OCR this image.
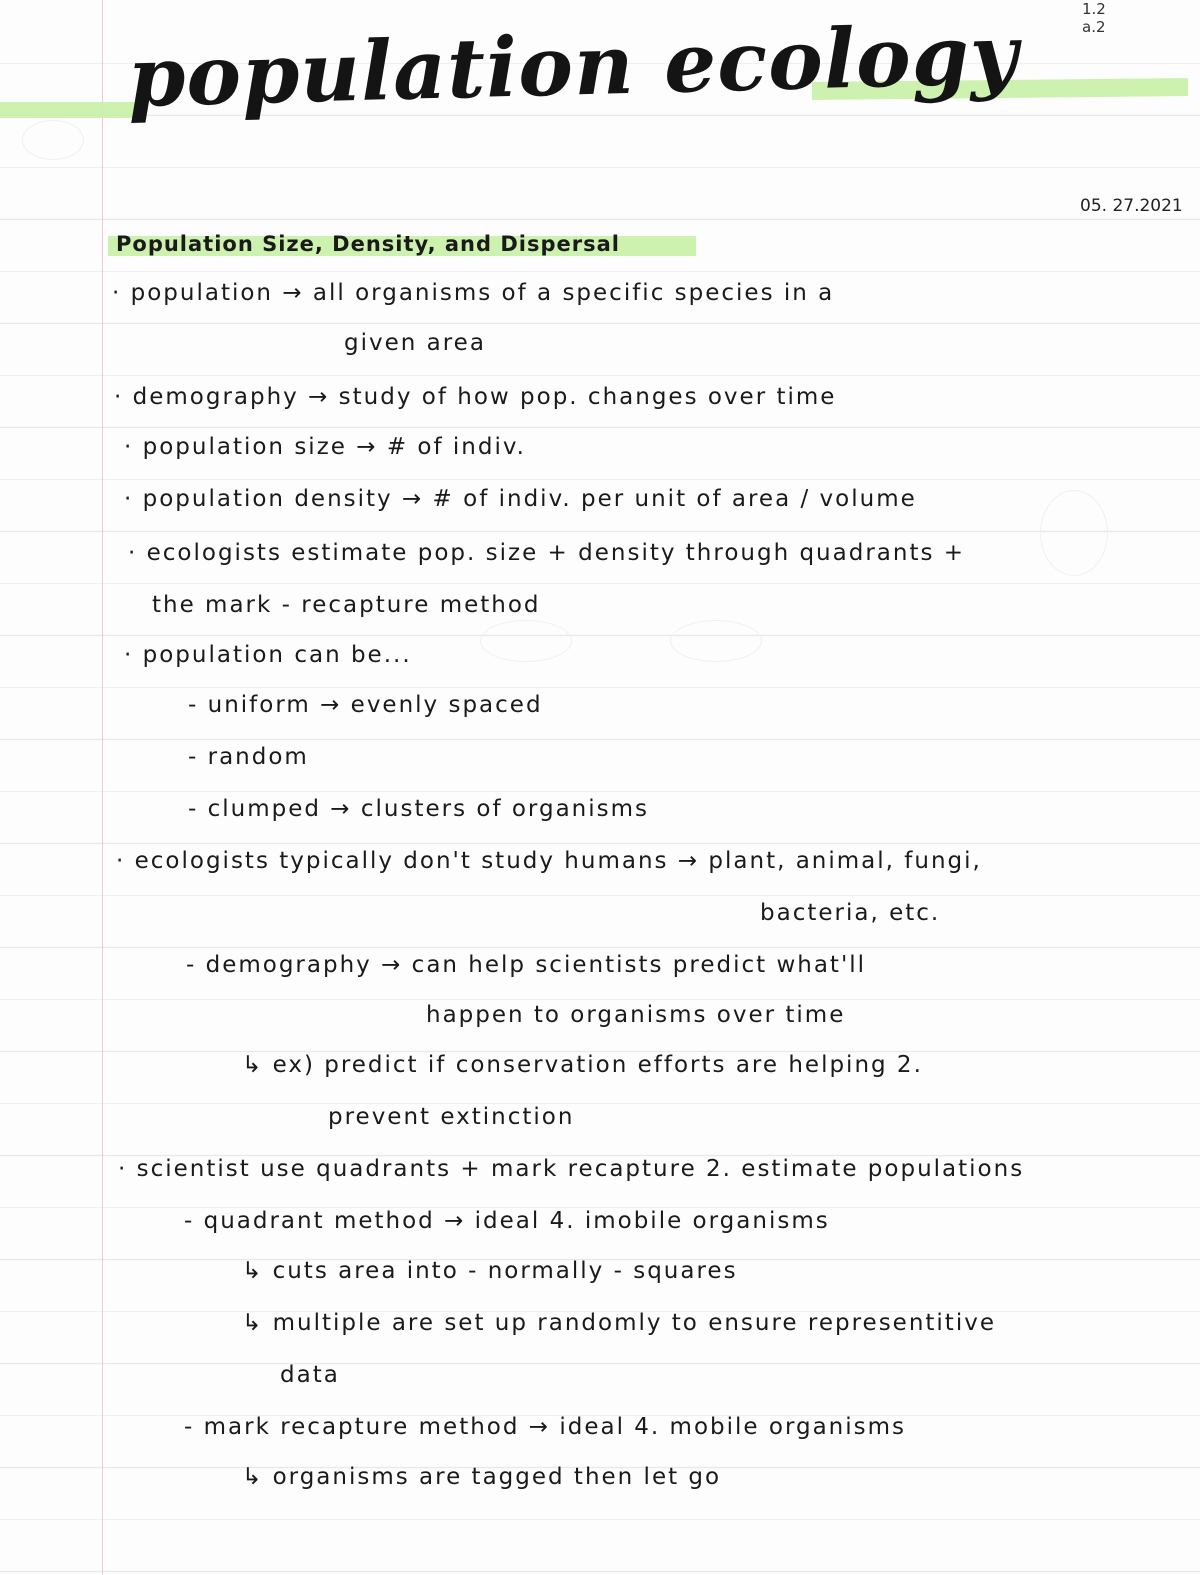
1.2
a.2
population ecology
05. 27.2021
Population Size, Density, and Dispersal
· population → all organisms of a specific species in a
given area
· demography → study of how pop. changes over time
· population size → # of indiv.
· population density → # of indiv. per unit of area / volume
· ecologists estimate pop. size + density through quadrants +
the mark - recapture method
· population can be...
- uniform → evenly spaced
- random
- clumped → clusters of organisms
· ecologists typically don't study humans → plant, animal, fungi,
bacteria, etc.
- demography → can help scientists predict what'll
happen to organisms over time
↳ ex) predict if conservation efforts are helping 2.
prevent extinction
· scientist use quadrants + mark recapture 2. estimate populations
- quadrant method → ideal 4. imobile organisms
↳ cuts area into - normally - squares
↳ multiple are set up randomly to ensure representitive
data
- mark recapture method → ideal 4. mobile organisms
↳ organisms are tagged then let go
